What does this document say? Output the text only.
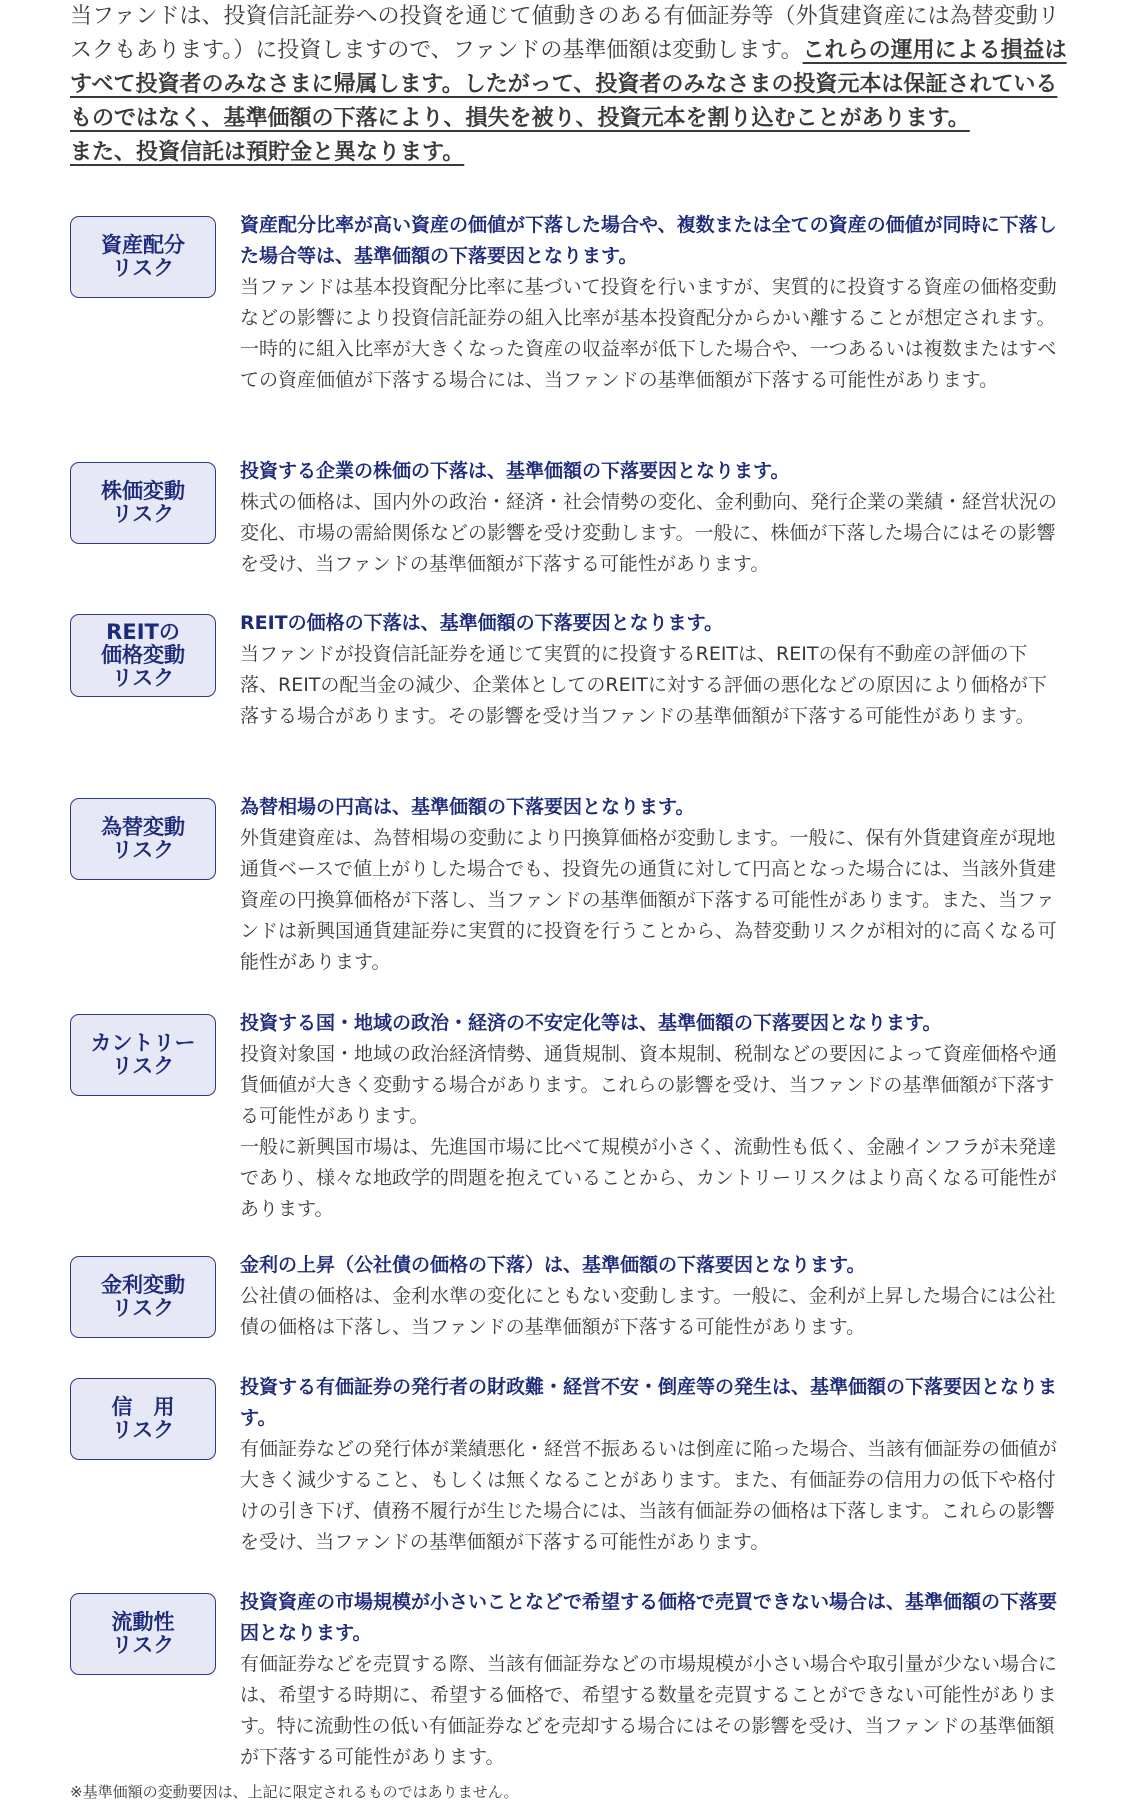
当ファンドは、投資信託証券への投資を通じて値動きのある有価証券等（外貨建資産には為替変動リスクもあります。）に投資しますので、ファンドの基準価額は変動します。これらの運用による損益はすべて投資者のみなさまに帰属します。したがって、投資者のみなさまの投資元本は保証されているものではなく、基準価額の下落により、損失を被り、投資元本を割り込むことがあります。
また、投資信託は預貯金と異なります。
資産配分
リスク
資産配分比率が高い資産の価値が下落した場合や、複数または全ての資産の価値が同時に下落した場合等は、基準価額の下落要因となります。

当ファンドは基本投資配分比率に基づいて投資を行いますが、実質的に投資する資産の価格変動などの影響により投資信託証券の組入比率が基本投資配分からかい離することが想定されます。一時的に組入比率が大きくなった資産の収益率が低下した場合や、一つあるいは複数またはすべての資産価値が下落する場合には、当ファンドの基準価額が下落する可能性があります。

株価変動
リスク
投資する企業の株価の下落は、基準価額の下落要因となります。

株式の価格は、国内外の政治・経済・社会情勢の変化、金利動向、発行企業の業績・経営状況の変化、市場の需給関係などの影響を受け変動します。一般に、株価が下落した場合にはその影響を受け、当ファンドの基準価額が下落する可能性があります。

REITの
価格変動
リスク
REITの価格の下落は、基準価額の下落要因となります。

当ファンドが投資信託証券を通じて実質的に投資するREITは、REITの保有不動産の評価の下落、REITの配当金の減少、企業体としてのREITに対する評価の悪化などの原因により価格が下落する場合があります。その影響を受け当ファンドの基準価額が下落する可能性があります。

為替変動
リスク
為替相場の円高は、基準価額の下落要因となります。

外貨建資産は、為替相場の変動により円換算価格が変動します。一般に、保有外貨建資産が現地通貨ベースで値上がりした場合でも、投資先の通貨に対して円高となった場合には、当該外貨建資産の円換算価格が下落し、当ファンドの基準価額が下落する可能性があります。また、当ファンドは新興国通貨建証券に実質的に投資を行うことから、為替変動リスクが相対的に高くなる可能性があります。

カントリー
リスク
投資する国・地域の政治・経済の不安定化等は、基準価額の下落要因となります。

投資対象国・地域の政治経済情勢、通貨規制、資本規制、税制などの要因によって資産価格や通貨価値が大きく変動する場合があります。これらの影響を受け、当ファンドの基準価額が下落する可能性があります。

一般に新興国市場は、先進国市場に比べて規模が小さく、流動性も低く、金融インフラが未発達であり、様々な地政学的問題を抱えていることから、カントリーリスクはより高くなる可能性があります。

金利変動
リスク
金利の上昇（公社債の価格の下落）は、基準価額の下落要因となります。

公社債の価格は、金利水準の変化にともない変動します。一般に、金利が上昇した場合には公社債の価格は下落し、当ファンドの基準価額が下落する可能性があります。

信　用
リスク
投資する有価証券の発行者の財政難・経営不安・倒産等の発生は、基準価額の下落要因となります。

有価証券などの発行体が業績悪化・経営不振あるいは倒産に陥った場合、当該有価証券の価値が大きく減少すること、もしくは無くなることがあります。また、有価証券の信用力の低下や格付けの引き下げ、債務不履行が生じた場合には、当該有価証券の価格は下落します。これらの影響を受け、当ファンドの基準価額が下落する可能性があります。

流動性
リスク
投資資産の市場規模が小さいことなどで希望する価格で売買できない場合は、基準価額の下落要因となります。

有価証券などを売買する際、当該有価証券などの市場規模が小さい場合や取引量が少ない場合には、希望する時期に、希望する価格で、希望する数量を売買することができない可能性があります。特に流動性の低い有価証券などを売却する場合にはその影響を受け、当ファンドの基準価額が下落する可能性があります。

※基準価額の変動要因は、上記に限定されるものではありません。
